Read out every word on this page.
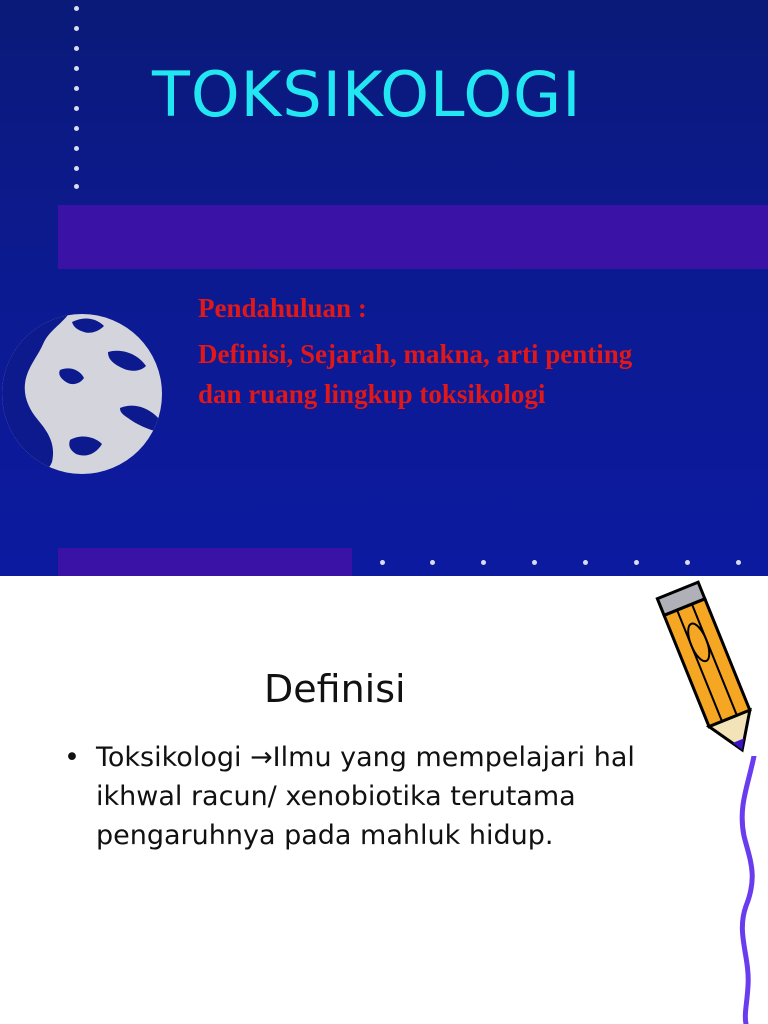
TOKSIKOLOGI
Pendahuluan :
Definisi, Sejarah, makna, arti penting dan ruang lingkup toksikologi
Definisi
• Toksikologi →Ilmu yang mempelajari hal ikhwal racun/ xenobiotika terutama pengaruhnya pada mahluk hidup.
